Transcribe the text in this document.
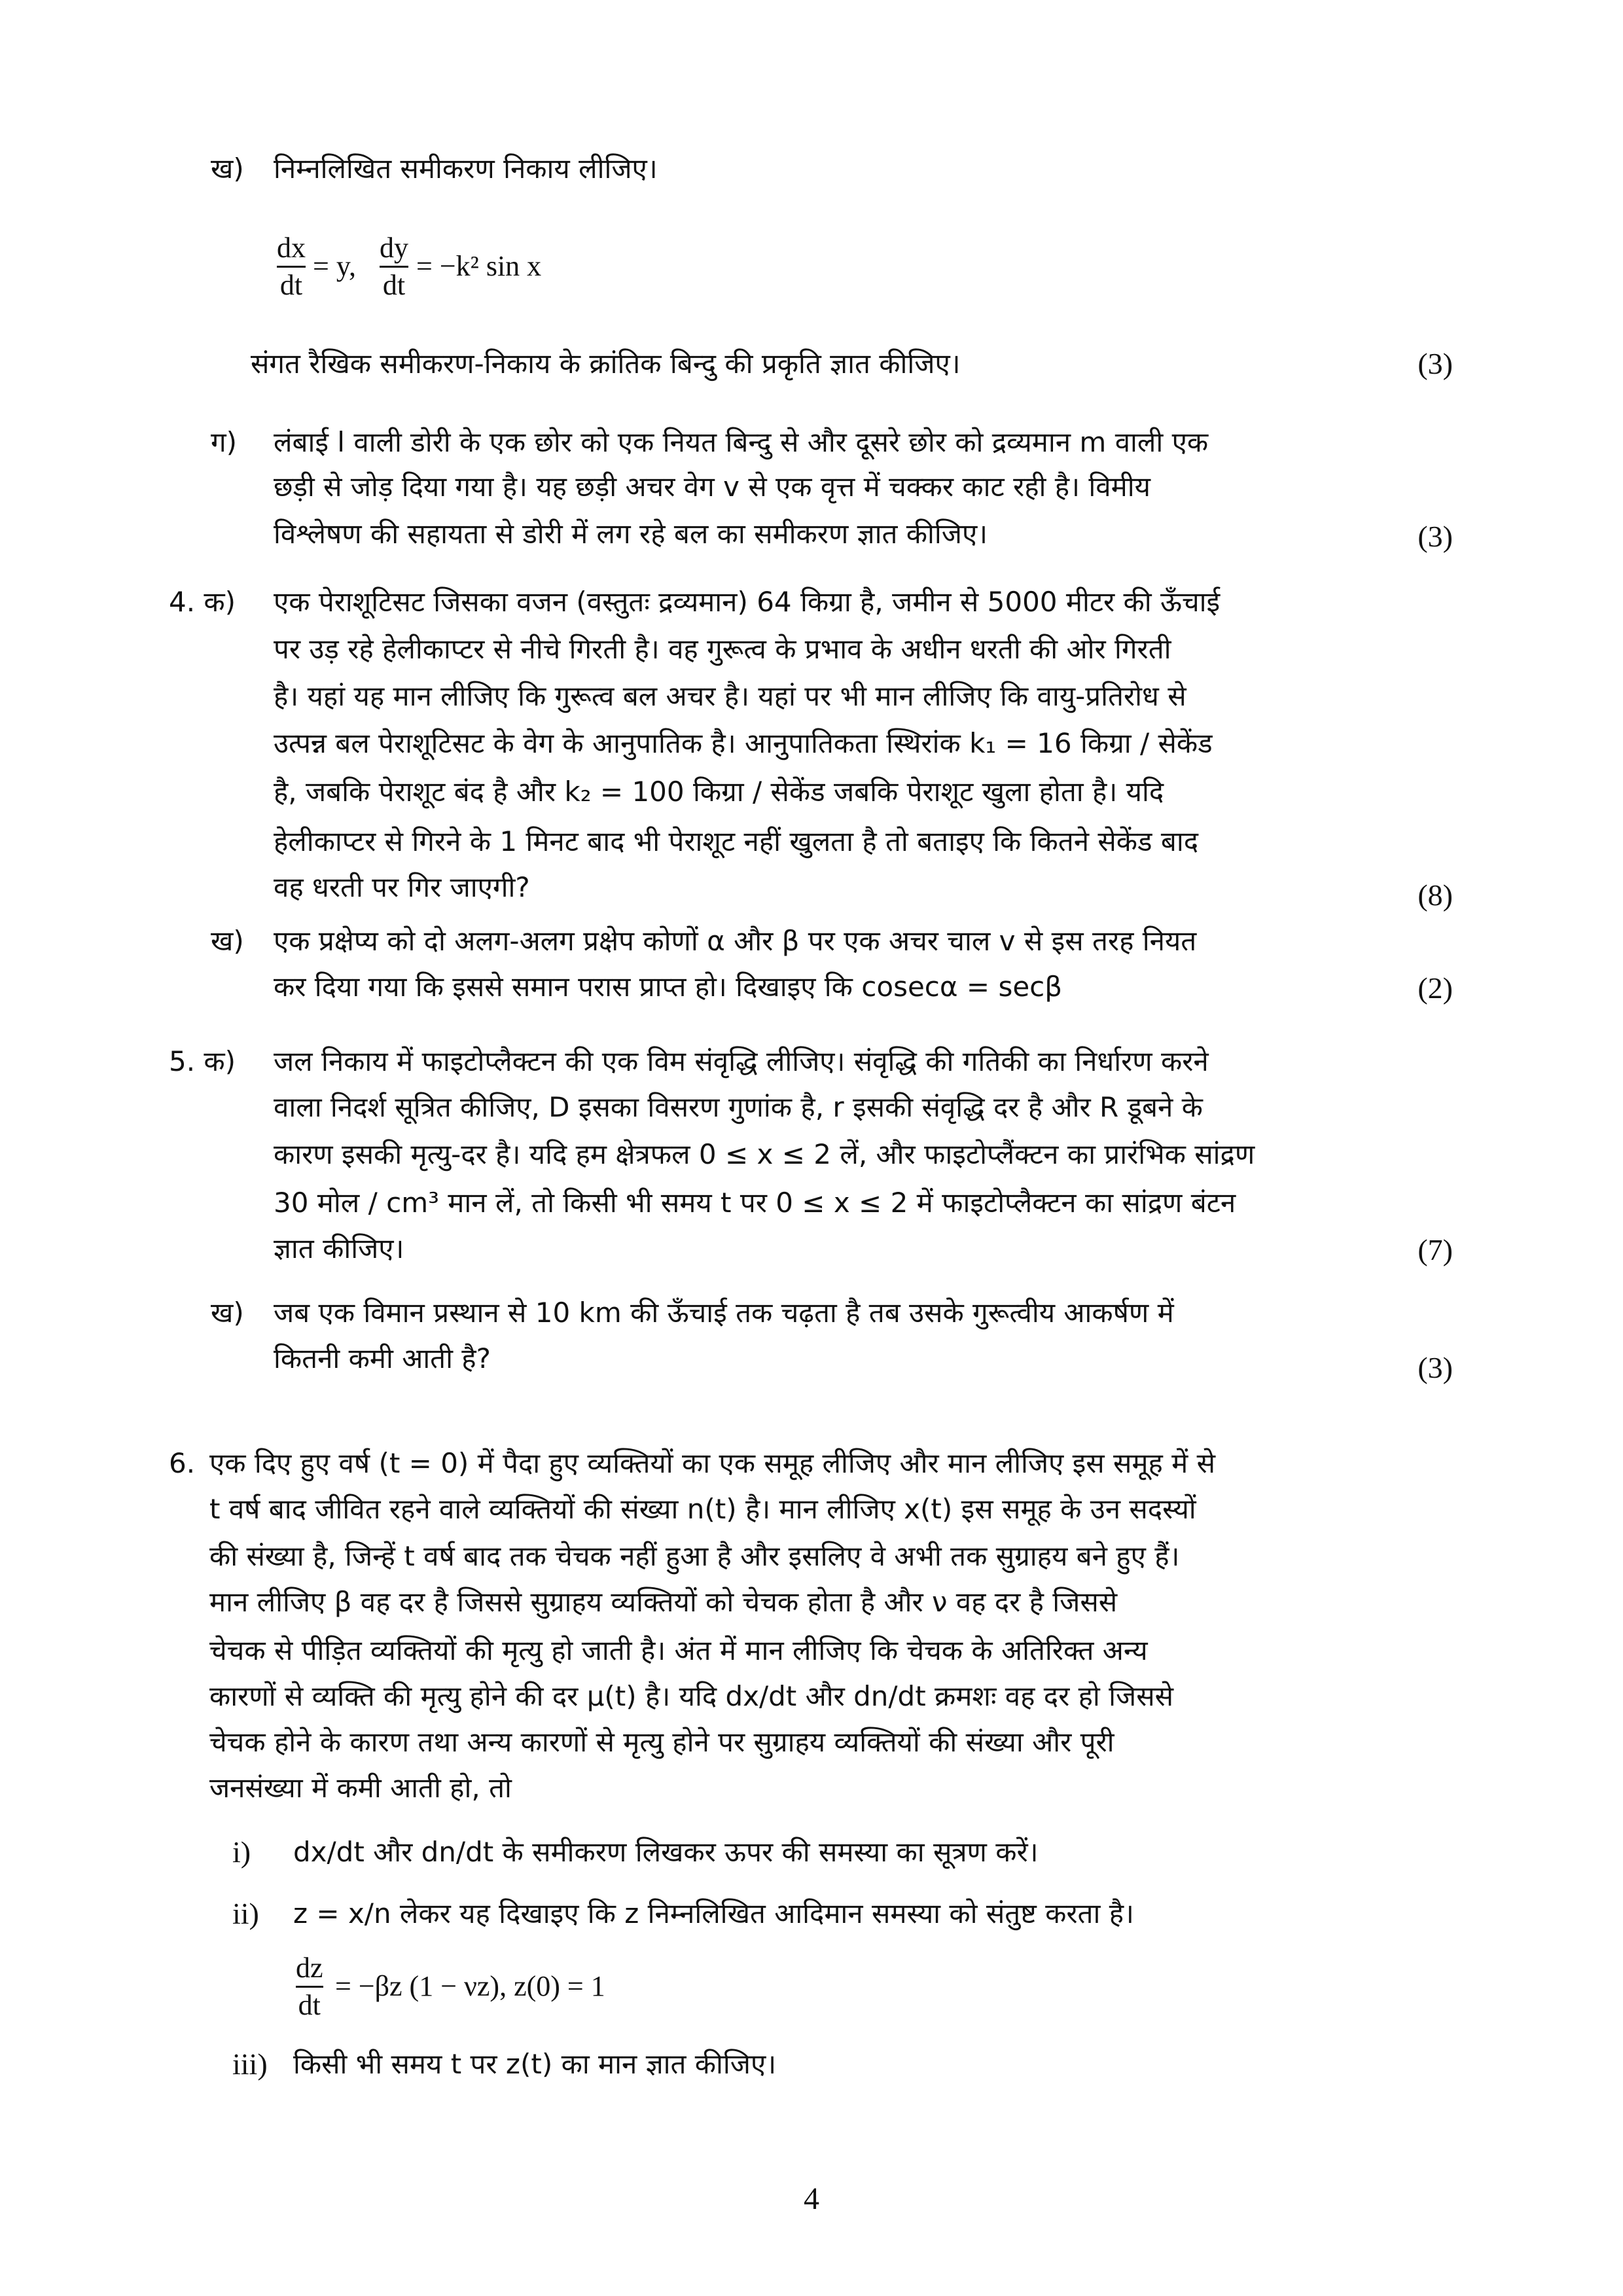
ख) निम्नलिखित समीकरण निकाय लीजिए।
dx
dt
= y,
dy
dt
= −k² sin x
संगत रैखिक समीकरण-निकाय के क्रांतिक बिन्दु की प्रकृति ज्ञात कीजिए।	(3)
ग) लंबाई l वाली डोरी के एक छोर को एक नियत बिन्दु से और दूसरे छोर को द्रव्यमान m वाली एक
छड़ी से जोड़ दिया गया है। यह छड़ी अचर वेग v से एक वृत्त में चक्कर काट रही है। विमीय
विश्लेषण की सहायता से डोरी में लग रहे बल का समीकरण ज्ञात कीजिए।	(3)
4. क) एक पेराशूटिसट जिसका वजन (वस्तुतः द्रव्यमान) 64 किग्रा है, जमीन से 5000 मीटर की ऊँचाई
पर उड़ रहे हेलीकाप्टर से नीचे गिरती है। वह गुरूत्व के प्रभाव के अधीन धरती की ओर गिरती
है। यहां यह मान लीजिए कि गुरूत्व बल अचर है। यहां पर भी मान लीजिए कि वायु-प्रतिरोध से
उत्पन्न बल पेराशूटिसट के वेग के आनुपातिक है। आनुपातिकता स्थिरांक k₁ = 16 किग्रा / सेकेंड
है, जबकि पेराशूट बंद है और k₂ = 100 किग्रा / सेकेंड जबकि पेराशूट खुला होता है। यदि
हेलीकाप्टर से गिरने के 1 मिनट बाद भी पेराशूट नहीं खुलता है तो बताइए कि कितने सेकेंड बाद
वह धरती पर गिर जाएगी?	(8)
ख) एक प्रक्षेप्य को दो अलग-अलग प्रक्षेप कोणों α और β पर एक अचर चाल v से इस तरह नियत
कर दिया गया कि इससे समान परास प्राप्त हो। दिखाइए कि cosecα = secβ	(2)
5. क) जल निकाय में फाइटोप्लैक्टन की एक विम संवृद्धि लीजिए। संवृद्धि की गतिकी का निर्धारण करने
वाला निदर्श सूत्रित कीजिए, D इसका विसरण गुणांक है, r इसकी संवृद्धि दर है और R डूबने के
कारण इसकी मृत्यु-दर है। यदि हम क्षेत्रफल 0 ≤ x ≤ 2 लें, और फाइटोप्लैंक्टन का प्रारंभिक सांद्रण
30 मोल / cm³ मान लें, तो किसी भी समय t पर 0 ≤ x ≤ 2 में फाइटोप्लैक्टन का सांद्रण बंटन
ज्ञात कीजिए।	(7)
ख) जब एक विमान प्रस्थान से 10 km की ऊँचाई तक चढ़ता है तब उसके गुरूत्वीय आकर्षण में
कितनी कमी आती है?	(3)
6. एक दिए हुए वर्ष (t = 0) में पैदा हुए व्यक्तियों का एक समूह लीजिए और मान लीजिए इस समूह में से
t वर्ष बाद जीवित रहने वाले व्यक्तियों की संख्या n(t) है। मान लीजिए x(t) इस समूह के उन सदस्यों
की संख्या है, जिन्हें t वर्ष बाद तक चेचक नहीं हुआ है और इसलिए वे अभी तक सुग्राहय बने हुए हैं।
मान लीजिए β वह दर है जिससे सुग्राहय व्यक्तियों को चेचक होता है और ν वह दर है जिससे
चेचक से पीड़ित व्यक्तियों की मृत्यु हो जाती है। अंत में मान लीजिए कि चेचक के अतिरिक्त अन्य
कारणों से व्यक्ति की मृत्यु होने की दर μ(t) है। यदि dx/dt और dn/dt क्रमशः वह दर हो जिससे
चेचक होने के कारण तथा अन्य कारणों से मृत्यु होने पर सुग्राहय व्यक्तियों की संख्या और पूरी
जनसंख्या में कमी आती हो, तो
i) dx/dt और dn/dt के समीकरण लिखकर ऊपर की समस्या का सूत्रण करें।
ii) z = x/n लेकर यह दिखाइए कि z निम्नलिखित आदिमान समस्या को संतुष्ट करता है।
dz
dt
= −βz (1 − νz), z(0) = 1
iii) किसी भी समय t पर z(t) का मान ज्ञात कीजिए।
4
